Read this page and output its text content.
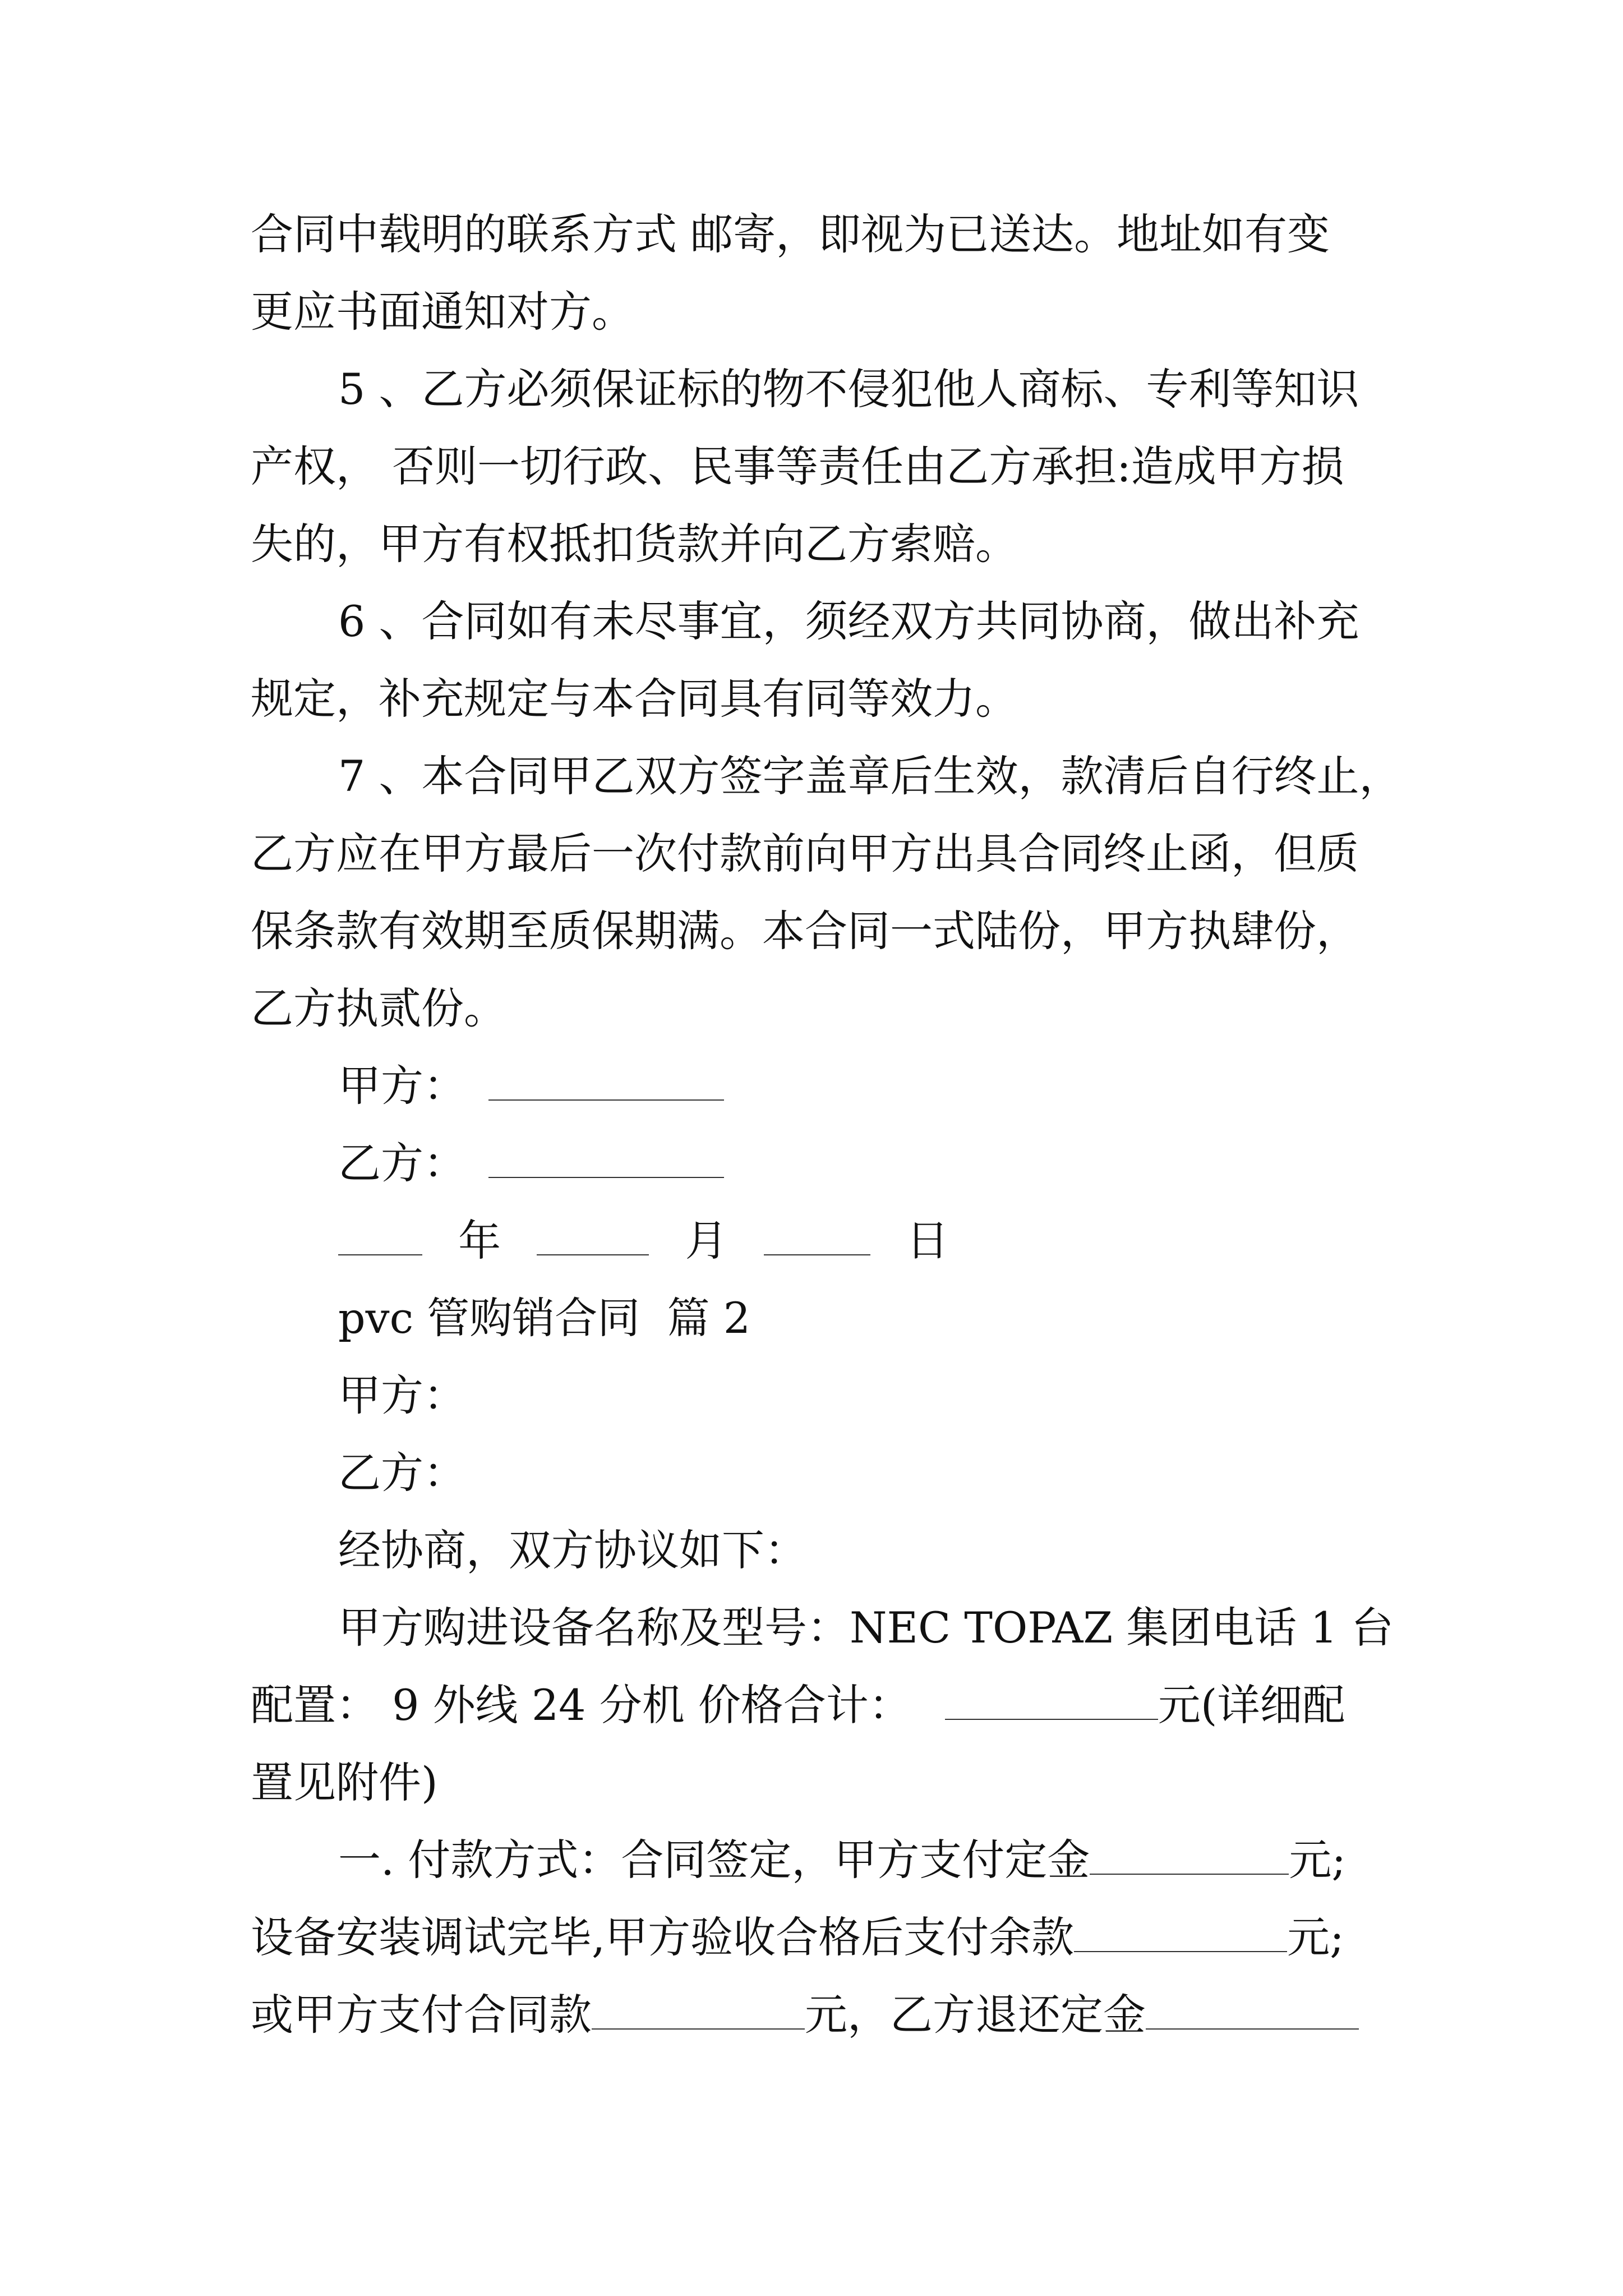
合同中载明的联系方式 邮寄，即视为已送达。地址如有变
更应书面通知对方。
5 、乙方必须保证标的物不侵犯他人商标、专利等知识
产权， 否则一切行政、民事等责任由乙方承担:造成甲方损
失的，甲方有权抵扣货款并向乙方索赔。
6 、合同如有未尽事宜，须经双方共同协商，做出补充
规定，补充规定与本合同具有同等效力。
7 、本合同甲乙双方签字盖章后生效，款清后自行终止，
乙方应在甲方最后一次付款前向甲方出具合同终止函，但质
保条款有效期至质保期满。本合同一式陆份，甲方执肆份，
乙方执贰份。
甲方：
乙方：
年	月	日
pvc 管购销合同  篇 2
甲方：
乙方：
经协商，双方协议如下：
甲方购进设备名称及型号：NEC TOPAZ 集团电话 1 台
配置： 9 外线 24 分机 价格合计：	元(详细配
置见附件)
一. 付款方式：合同签定，甲方支付定金	元;
设备安装调试完毕,甲方验收合格后支付余款	元;
或甲方支付合同款	元，乙方退还定金
